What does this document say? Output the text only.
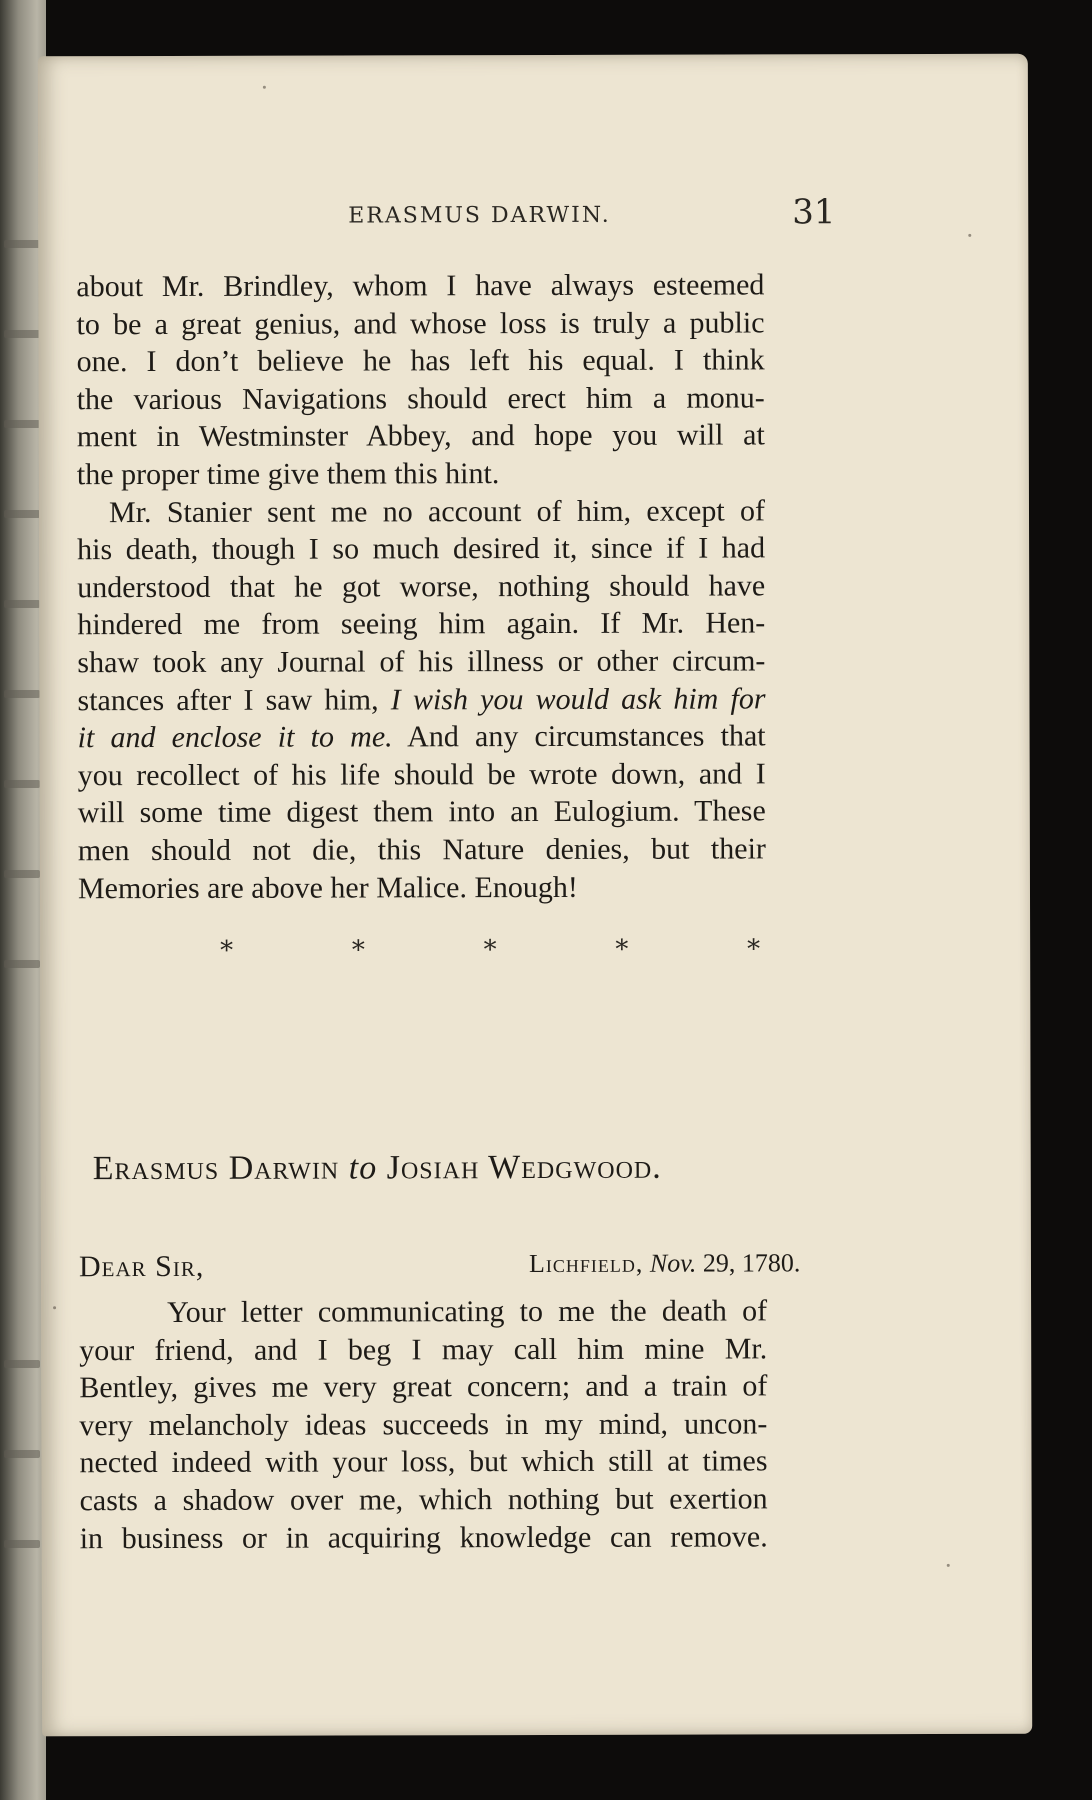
ERASMUS DARWIN.	31
about Mr. Brindley, whom I have always esteemed
to be a great genius, and whose loss is truly a public
one. I don’t believe he has left his equal. I think
the various Navigations should erect him a monu-
ment in Westminster Abbey, and hope you will at
the proper time give them this hint.
Mr. Stanier sent me no account of him, except of
his death, though I so much desired it, since if I had
understood that he got worse, nothing should have
hindered me from seeing him again. If Mr. Hen-
shaw took any Journal of his illness or other circum-
stances after I saw him, I wish you would ask him for
it and enclose it to me. And any circumstances that
you recollect of his life should be wrote down, and I
will some time digest them into an Eulogium. These
men should not die, this Nature denies, but their
Memories are above her Malice. Enough!
*	*	*	*	*
Erasmus Darwin to Josiah Wedgwood.
Dear Sir,	Lichfield, Nov. 29, 1780.
Your letter communicating to me the death of
your friend, and I beg I may call him mine Mr.
Bentley, gives me very great concern; and a train of
very melancholy ideas succeeds in my mind, uncon-
nected indeed with your loss, but which still at times
casts a shadow over me, which nothing but exertion
in business or in acquiring knowledge can remove.
